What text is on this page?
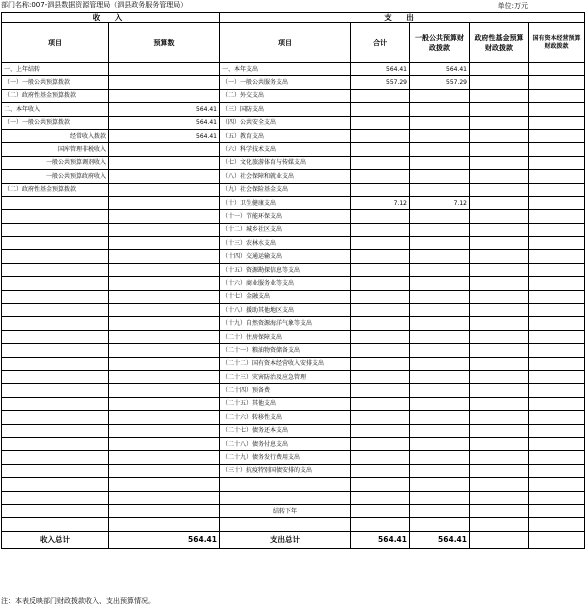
部门名称:007-泗县数据资源管理局（泗县政务服务管理局）	单位:万元
收 入		支 出				
项目	预算数	项目	合计	一般公共预算财政拨款	政府性基金预算财政拨款	国有资本经营预算财政拨款
一、上年结转		一、本年支出	564.41	564.41		
（一）一般公共预算拨款		（一）一般公共服务支出	557.29	557.29		
（二）政府性基金预算拨款		（二）外交支出				
二、本年收入	564.41	（三）国防支出				
（一）一般公共预算拨款	564.41	（四）公共安全支出				
经常收入拨款	564.41	（五）教育支出				
国库管理非税收入		（六）科学技术支出				
一般公共预算调剂收入		（七）文化旅游体育与传媒支出				
一般公共预算政府收入		（八）社会保障和就业支出				
（二）政府性基金预算拨款		（九）社会保险基金支出				
		（十）卫生健康支出	7.12	7.12		
		（十一）节能环保支出				
		（十二）城乡社区支出				
		（十三）农林水支出				
		（十四）交通运输支出				
		（十五）资源勘探信息等支出				
		（十六）商业服务业等支出				
		（十七）金融支出				
		（十八）援助其他地区支出				
		（十九）自然资源海洋气象等支出				
		（二十）住房保障支出				
		（二十一）粮油物资储备支出				
		（二十二）国有资本经营收入安排支出				
		（二十三）灾害防治及应急管理				
		（二十四）预备费				
		（二十五）其他支出				
		（二十六）转移性支出				
		（二十七）债务还本支出				
		（二十八）债务付息支出				
		（二十九）债务发行费用支出				
		（三十）抗疫特别国债安排的支出				

		结转下年				

收入总计	564.41	支出总计	564.41	564.41		
注：本表反映部门财政拨款收入、支出预算情况。
